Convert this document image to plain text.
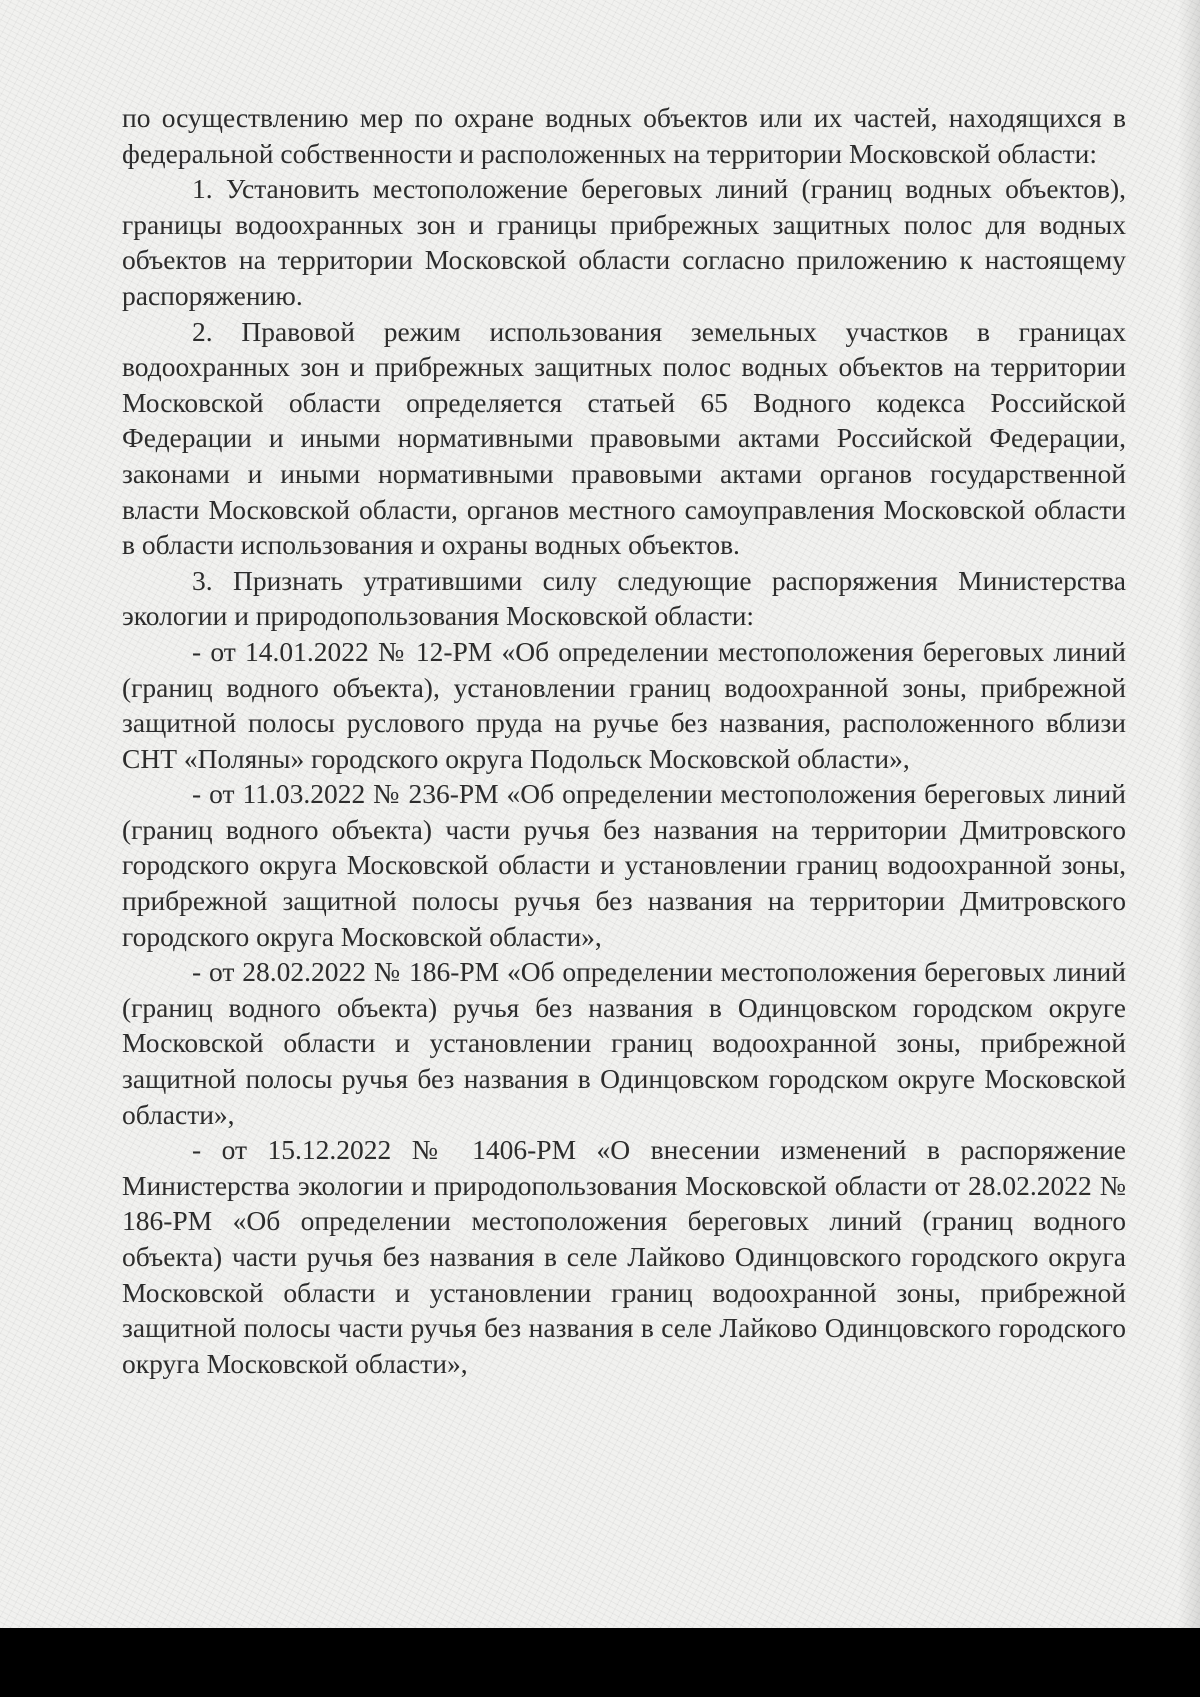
по осуществлению мер по охране водных объектов или их частей, находящихся в федеральной собственности и расположенных на территории Московской области:

1. Установить местоположение береговых линий (границ водных объектов), границы водоохранных зон и границы прибрежных защитных полос для водных объектов на территории Московской области согласно приложению к настоящему распоряжению.

2. Правовой режим использования земельных участков в границах водоохранных зон и прибрежных защитных полос водных объектов на территории Московской области определяется статьей 65 Водного кодекса Российской Федерации и иными нормативными правовыми актами Российской Федерации, законами и иными нормативными правовыми актами органов государственной власти Московской области, органов местного самоуправления Московской области в области использования и охраны водных объектов.

3. Признать утратившими силу следующие распоряжения Министерства экологии и природопользования Московской области:

- от 14.01.2022 № 12-РМ «Об определении местоположения береговых линий (границ водного объекта), установлении границ водоохранной зоны, прибрежной защитной полосы руслового пруда на ручье без названия, расположенного вблизи СНТ «Поляны» городского округа Подольск Московской области»,

- от 11.03.2022 № 236-РМ «Об определении местоположения береговых линий (границ водного объекта) части ручья без названия на территории Дмитровского городского округа Московской области и установлении границ водоохранной зоны, прибрежной защитной полосы ручья без названия на территории Дмитровского городского округа Московской области»,

- от 28.02.2022 № 186-РМ «Об определении местоположения береговых линий (границ водного объекта) ручья без названия в Одинцовском городском округе Московской области и установлении границ водоохранной зоны, прибрежной защитной полосы ручья без названия в Одинцовском городском округе Московской области»,

- от 15.12.2022 № 1406-РМ «О внесении изменений в распоряжение Министерства экологии и природопользования Московской области от 28.02.2022 № 186-РМ «Об определении местоположения береговых линий (границ водного объекта) части ручья без названия в селе Лайково Одинцовского городского округа Московской области и установлении границ водоохранной зоны, прибрежной защитной полосы части ручья без названия в селе Лайково Одинцовского городского округа Московской области»,
